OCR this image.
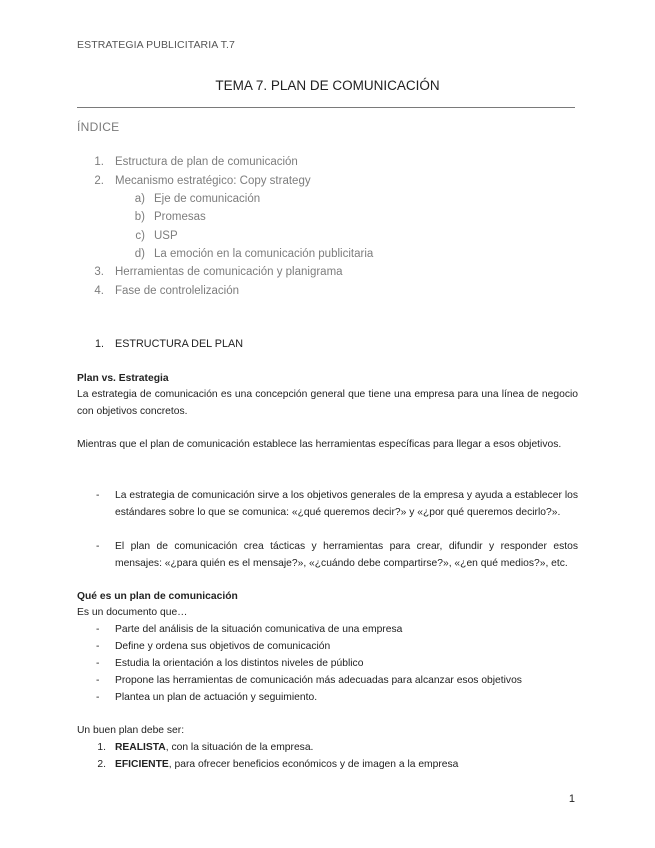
ESTRATEGIA PUBLICITARIA T.7
TEMA 7. PLAN DE COMUNICACIÓN
ÍNDICE
1. Estructura de plan de comunicación
2. Mecanismo estratégico: Copy strategy
a) Eje de comunicación
b) Promesas
c) USP
d) La emoción en la comunicación publicitaria
3. Herramientas de comunicación y planigrama
4. Fase de controlelización
1. ESTRUCTURA DEL PLAN
Plan vs. Estrategia
La estrategia de comunicación es una concepción general que tiene una empresa para una línea de negocio con objetivos concretos.
Mientras que el plan de comunicación establece las herramientas específicas para llegar a esos objetivos.
- La estrategia de comunicación sirve a los objetivos generales de la empresa y ayuda a establecer los estándares sobre lo que se comunica: «¿qué queremos decir?» y «¿por qué queremos decirlo?».
- El plan de comunicación crea tácticas y herramientas para crear, difundir y responder estos mensajes: «¿para quién es el mensaje?», «¿cuándo debe compartirse?», «¿en qué medios?», etc.
Qué es un plan de comunicación
Es un documento que…
- Parte del análisis de la situación comunicativa de una empresa
- Define y ordena sus objetivos de comunicación
- Estudia la orientación a los distintos niveles de público
- Propone las herramientas de comunicación más adecuadas para alcanzar esos objetivos
- Plantea un plan de actuación y seguimiento.
Un buen plan debe ser:
1. REALISTA, con la situación de la empresa.
2. EFICIENTE, para ofrecer beneficios económicos y de imagen a la empresa
1
